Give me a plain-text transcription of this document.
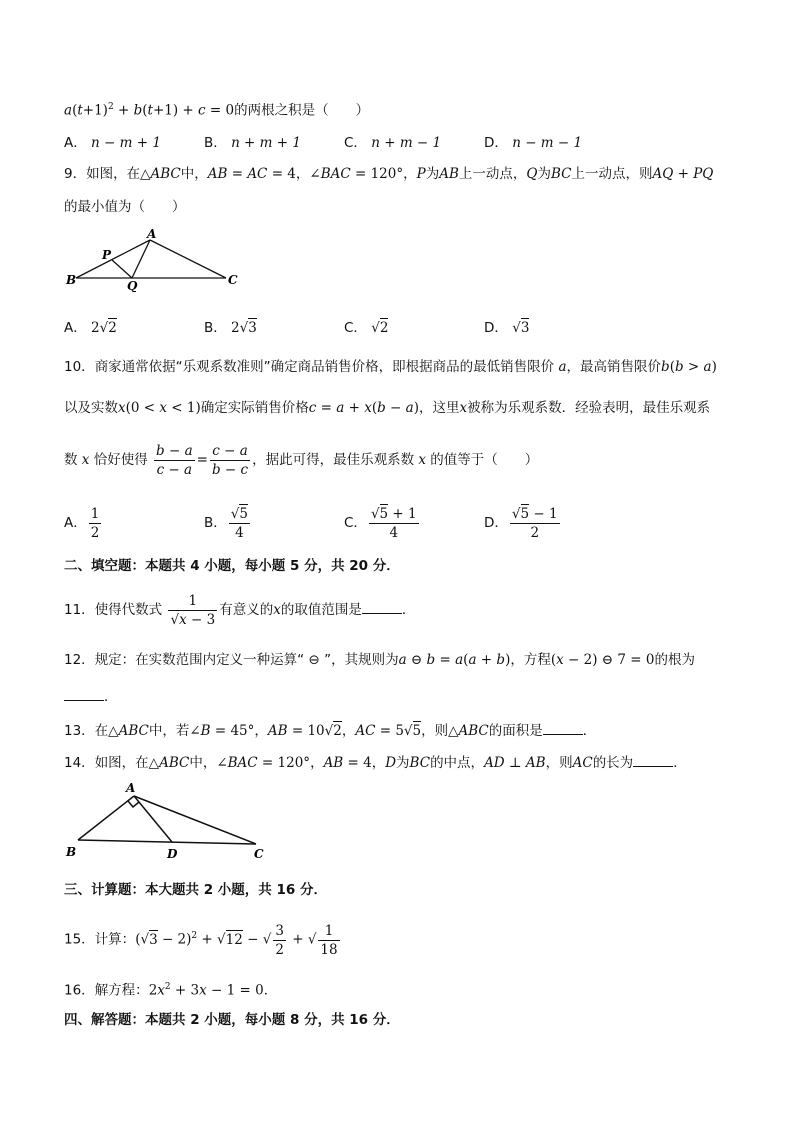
$a(t+1)^2 + b(t+1) + c = 0$的两根之积是（　　）
A． n − m + 1	B． n + m + 1	C． n + m − 1	D． n − m − 1
9．如图，在△ABC中，AB = AC = 4，∠BAC = 120°，P为AB上一动点，Q为BC上一动点，则AQ + PQ
的最小值为（　　）
A
P
B	Q	C
A． 2√2	B． 2√3	C． √2	D． √3
10．商家通常依据“乐观系数准则”确定商品销售价格，即根据商品的最低销售限价 a，最高销售限价b(b > a)
以及实数x(0 < x < 1)确定实际销售价格c = a + x(b − a)，这里x被称为乐观系数．经验表明，最佳乐观系
数 x 恰好使得 $\frac{b - a}{c - a} = \frac{c - a}{b - c}$ ，据此可得，最佳乐观系数 x 的值等于（　　）
A． $\frac{1}{2}$	B． $\frac{√5}{4}$	C． $\frac{√5 + 1}{4}$	D． $\frac{√5 - 1}{2}$
二、填空题：本题共 4 小题，每小题 5 分，共 20 分．
11．使得代数式 $\frac{1}{√x - 3}$ 有意义的x的取值范围是	．
12．规定：在实数范围内定义一种运算“ ⊖ ”，其规则为a ⊖ b = a(a + b)，方程(x − 2) ⊖ 7 = 0的根为
．
13．在△ABC中，若∠B = 45°，AB = 10√2，AC = 5√5，则△ABC的面积是	．
14．如图，在△ABC中，∠BAC = 120°，AB = 4，D为BC的中点，AD ⊥ AB，则AC的长为	．
A
B	D	C
三、计算题：本大题共 2 小题，共 16 分．
15．计算：$(√3 - 2)^2 + √12$ − √ $\frac{3}{2}$ + √ $\frac{1}{18}$
16．解方程：$2x^2 + 3x - 1 = 0$．
四、解答题：本题共 2 小题，每小题 8 分，共 16 分．
